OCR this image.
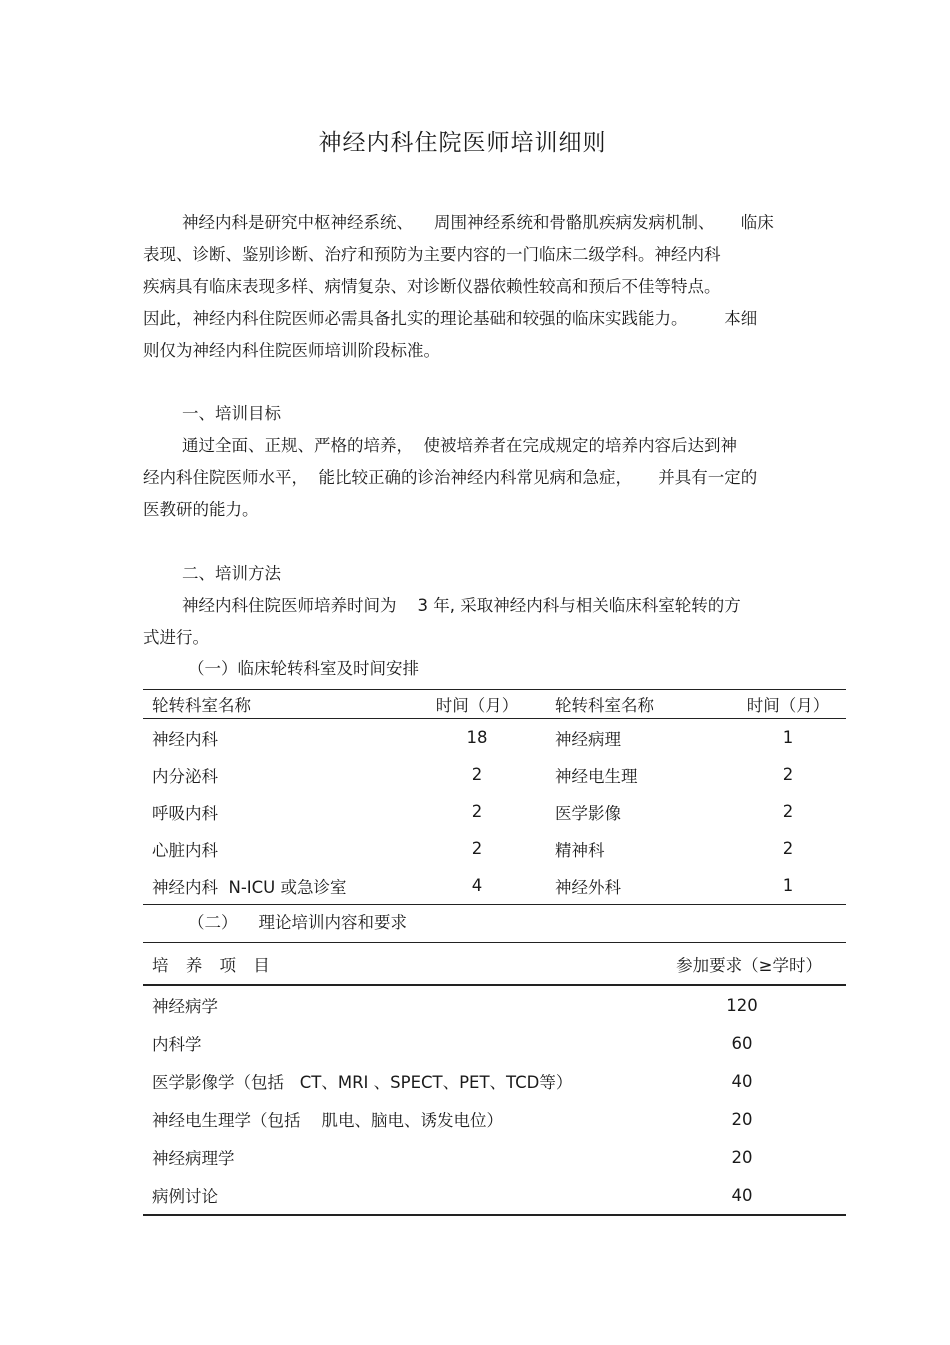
神经内科住院医师培训细则
神经内科是研究中枢神经系统、    周围神经系统和骨骼肌疾病发病机制、     临床
表现、诊断、鉴别诊断、治疗和预防为主要内容的一门临床二级学科。神经内科
疾病具有临床表现多样、病情复杂、对诊断仪器依赖性较高和预后不佳等特点。
因此，神经内科住院医师必需具备扎实的理论基础和较强的临床实践能力。       本细
则仅为神经内科住院医师培训阶段标准。
一、培训目标
通过全面、正规、严格的培养，  使被培养者在完成规定的培养内容后达到神
经内科住院医师水平，  能比较正确的诊治神经内科常见病和急症，     并具有一定的
医教研的能力。
二、培训方法
神经内科住院医师培养时间为    3 年, 采取神经内科与相关临床科室轮转的方
式进行。
（一）临床轮转科室及时间安排
轮转科室名称	时间（月）	轮转科室名称	时间（月）
神经内科	18	神经病理	1
内分泌科	2	神经电生理	2
呼吸内科	2	医学影像	2
心脏内科	2	精神科	2
神经内科  N-ICU 或急诊室	4	神经外科	1
（二）    理论培训内容和要求
培 养 项 目	参加要求（≥学时）
神经病学	120
内科学	60
医学影像学（包括   CT、MRI 、SPECT、PET、TCD等）	40
神经电生理学（包括    肌电、脑电、诱发电位）	20
神经病理学	20
病例讨论	40
